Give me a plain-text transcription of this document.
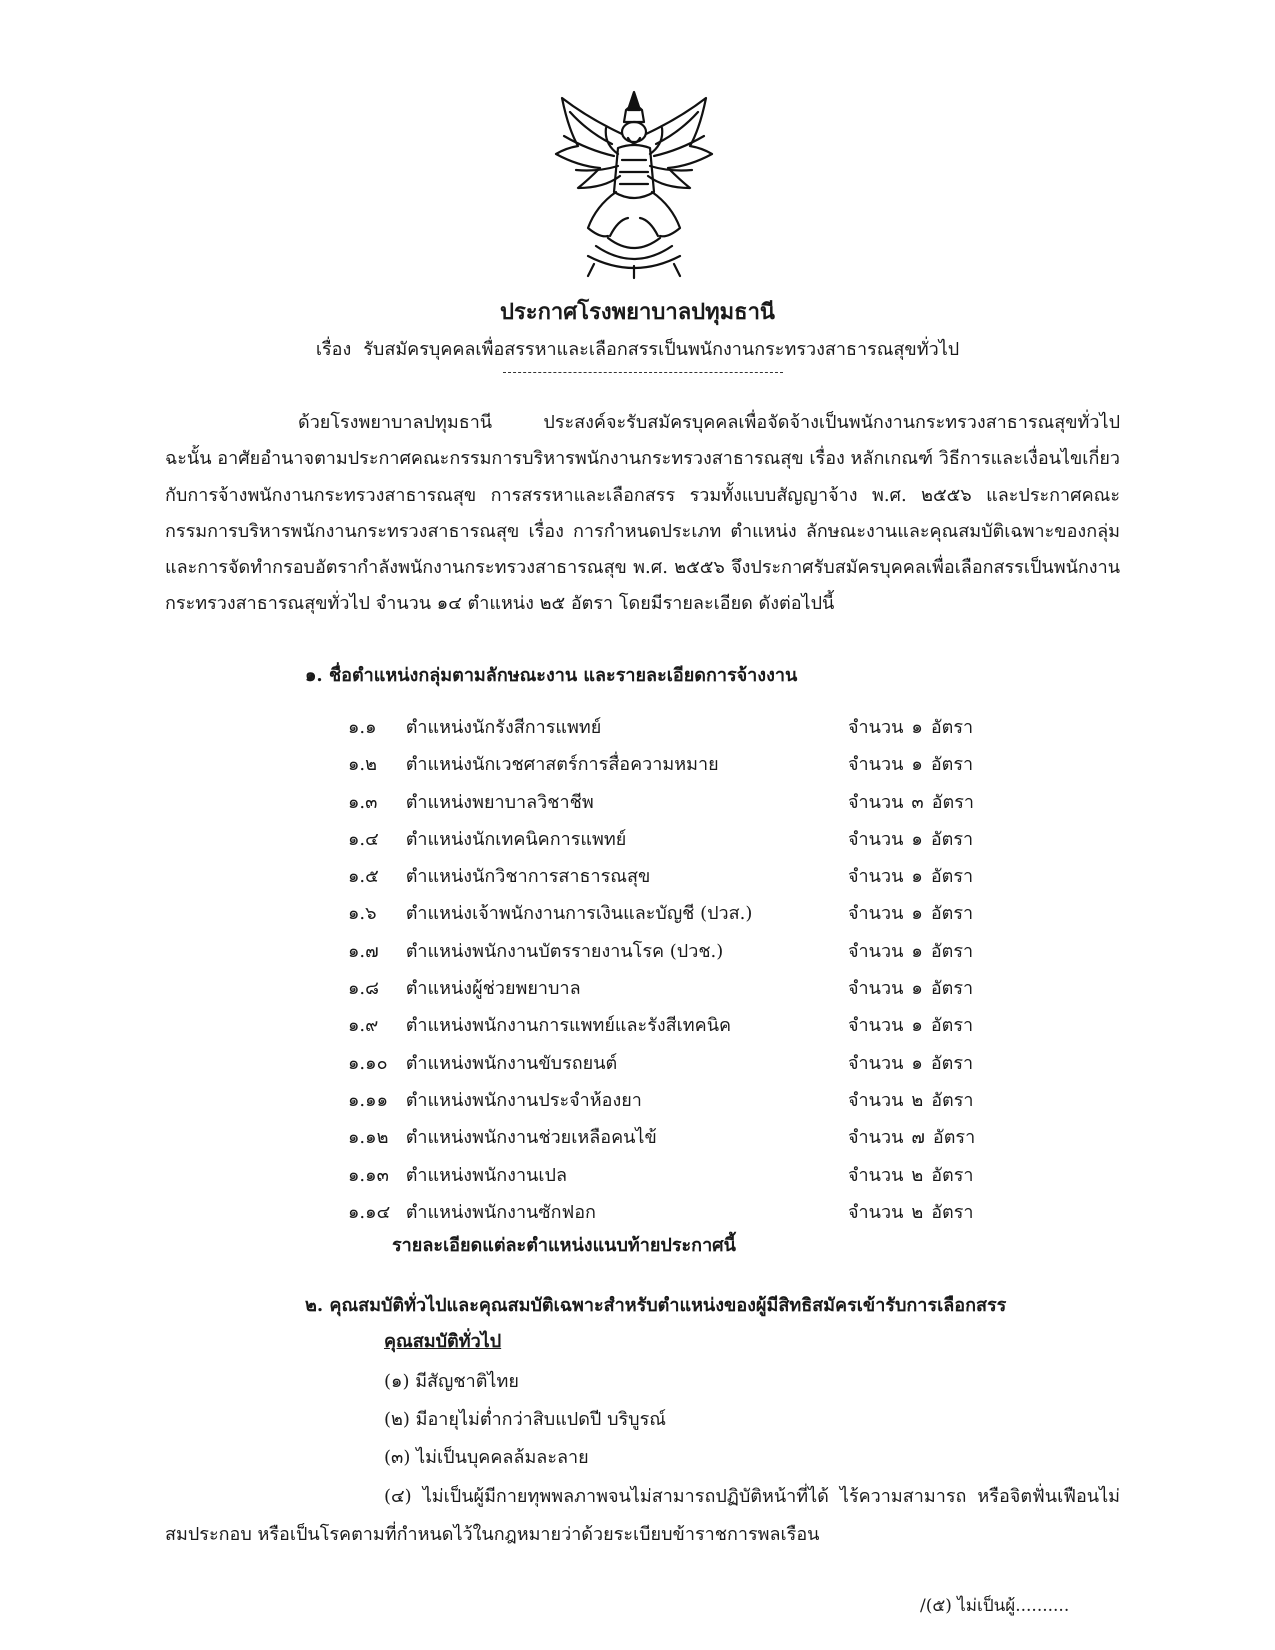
ประกาศโรงพยาบาลปทุมธานี
เรื่อง รับสมัครบุคคลเพื่อสรรหาและเลือกสรรเป็นพนักงานกระทรวงสาธารณสุขทั่วไป

ด้วยโรงพยาบาลปทุมธานี ประสงค์จะรับสมัครบุคคลเพื่อจัดจ้างเป็นพนักงานกระทรวงสาธารณสุขทั่วไป ฉะนั้น อาศัยอำนาจตามประกาศคณะกรรมการบริหารพนักงานกระทรวงสาธารณสุข เรื่อง หลักเกณฑ์ วิธีการและเงื่อนไขเกี่ยวกับการจ้างพนักงานกระทรวงสาธารณสุข การสรรหาและเลือกสรร รวมทั้งแบบสัญญาจ้าง พ.ศ. ๒๕๕๖ และประกาศคณะกรรมการบริหารพนักงานกระทรวงสาธารณสุข เรื่อง การกำหนดประเภท ตำแหน่ง ลักษณะงานและคุณสมบัติเฉพาะของกลุ่มและการจัดทำกรอบอัตรากำลังพนักงานกระทรวงสาธารณสุข พ.ศ. ๒๕๕๖ จึงประกาศรับสมัครบุคคลเพื่อเลือกสรรเป็นพนักงานกระทรวงสาธารณสุขทั่วไป จำนวน ๑๔ ตำแหน่ง ๒๕ อัตรา โดยมีรายละเอียด ดังต่อไปนี้

๑. ชื่อตำแหน่งกลุ่มตามลักษณะงาน และรายละเอียดการจ้างงาน
๑.๑ ตำแหน่งนักรังสีการแพทย์	จำนวน ๑ อัตรา
๑.๒ ตำแหน่งนักเวชศาสตร์การสื่อความหมาย	จำนวน ๑ อัตรา
๑.๓ ตำแหน่งพยาบาลวิชาชีพ	จำนวน ๓ อัตรา
๑.๔ ตำแหน่งนักเทคนิคการแพทย์	จำนวน ๑ อัตรา
๑.๕ ตำแหน่งนักวิชาการสาธารณสุข	จำนวน ๑ อัตรา
๑.๖ ตำแหน่งเจ้าพนักงานการเงินและบัญชี (ปวส.)	จำนวน ๑ อัตรา
๑.๗ ตำแหน่งพนักงานบัตรรายงานโรค (ปวช.)	จำนวน ๑ อัตรา
๑.๘ ตำแหน่งผู้ช่วยพยาบาล	จำนวน ๑ อัตรา
๑.๙ ตำแหน่งพนักงานการแพทย์และรังสีเทคนิค	จำนวน ๑ อัตรา
๑.๑๐ ตำแหน่งพนักงานขับรถยนต์	จำนวน ๑ อัตรา
๑.๑๑ ตำแหน่งพนักงานประจำห้องยา	จำนวน ๒ อัตรา
๑.๑๒ ตำแหน่งพนักงานช่วยเหลือคนไข้	จำนวน ๗ อัตรา
๑.๑๓ ตำแหน่งพนักงานเปล	จำนวน ๒ อัตรา
๑.๑๔ ตำแหน่งพนักงานซักฟอก	จำนวน ๒ อัตรา
รายละเอียดแต่ละตำแหน่งแนบท้ายประกาศนี้
๒. คุณสมบัติทั่วไปและคุณสมบัติเฉพาะสำหรับตำแหน่งของผู้มีสิทธิสมัครเข้ารับการเลือกสรร
คุณสมบัติทั่วไป
(๑) มีสัญชาติไทย
(๒) มีอายุไม่ต่ำกว่าสิบแปดปี บริบูรณ์
(๓) ไม่เป็นบุคคลล้มละลาย

(๔) ไม่เป็นผู้มีกายทุพพลภาพจนไม่สามารถปฏิบัติหน้าที่ได้ ไร้ความสามารถ หรือจิตฟั่นเฟือนไม่สมประกอบ หรือเป็นโรคตามที่กำหนดไว้ในกฎหมายว่าด้วยระเบียบข้าราชการพลเรือน

/(๕) ไม่เป็นผู้..........
